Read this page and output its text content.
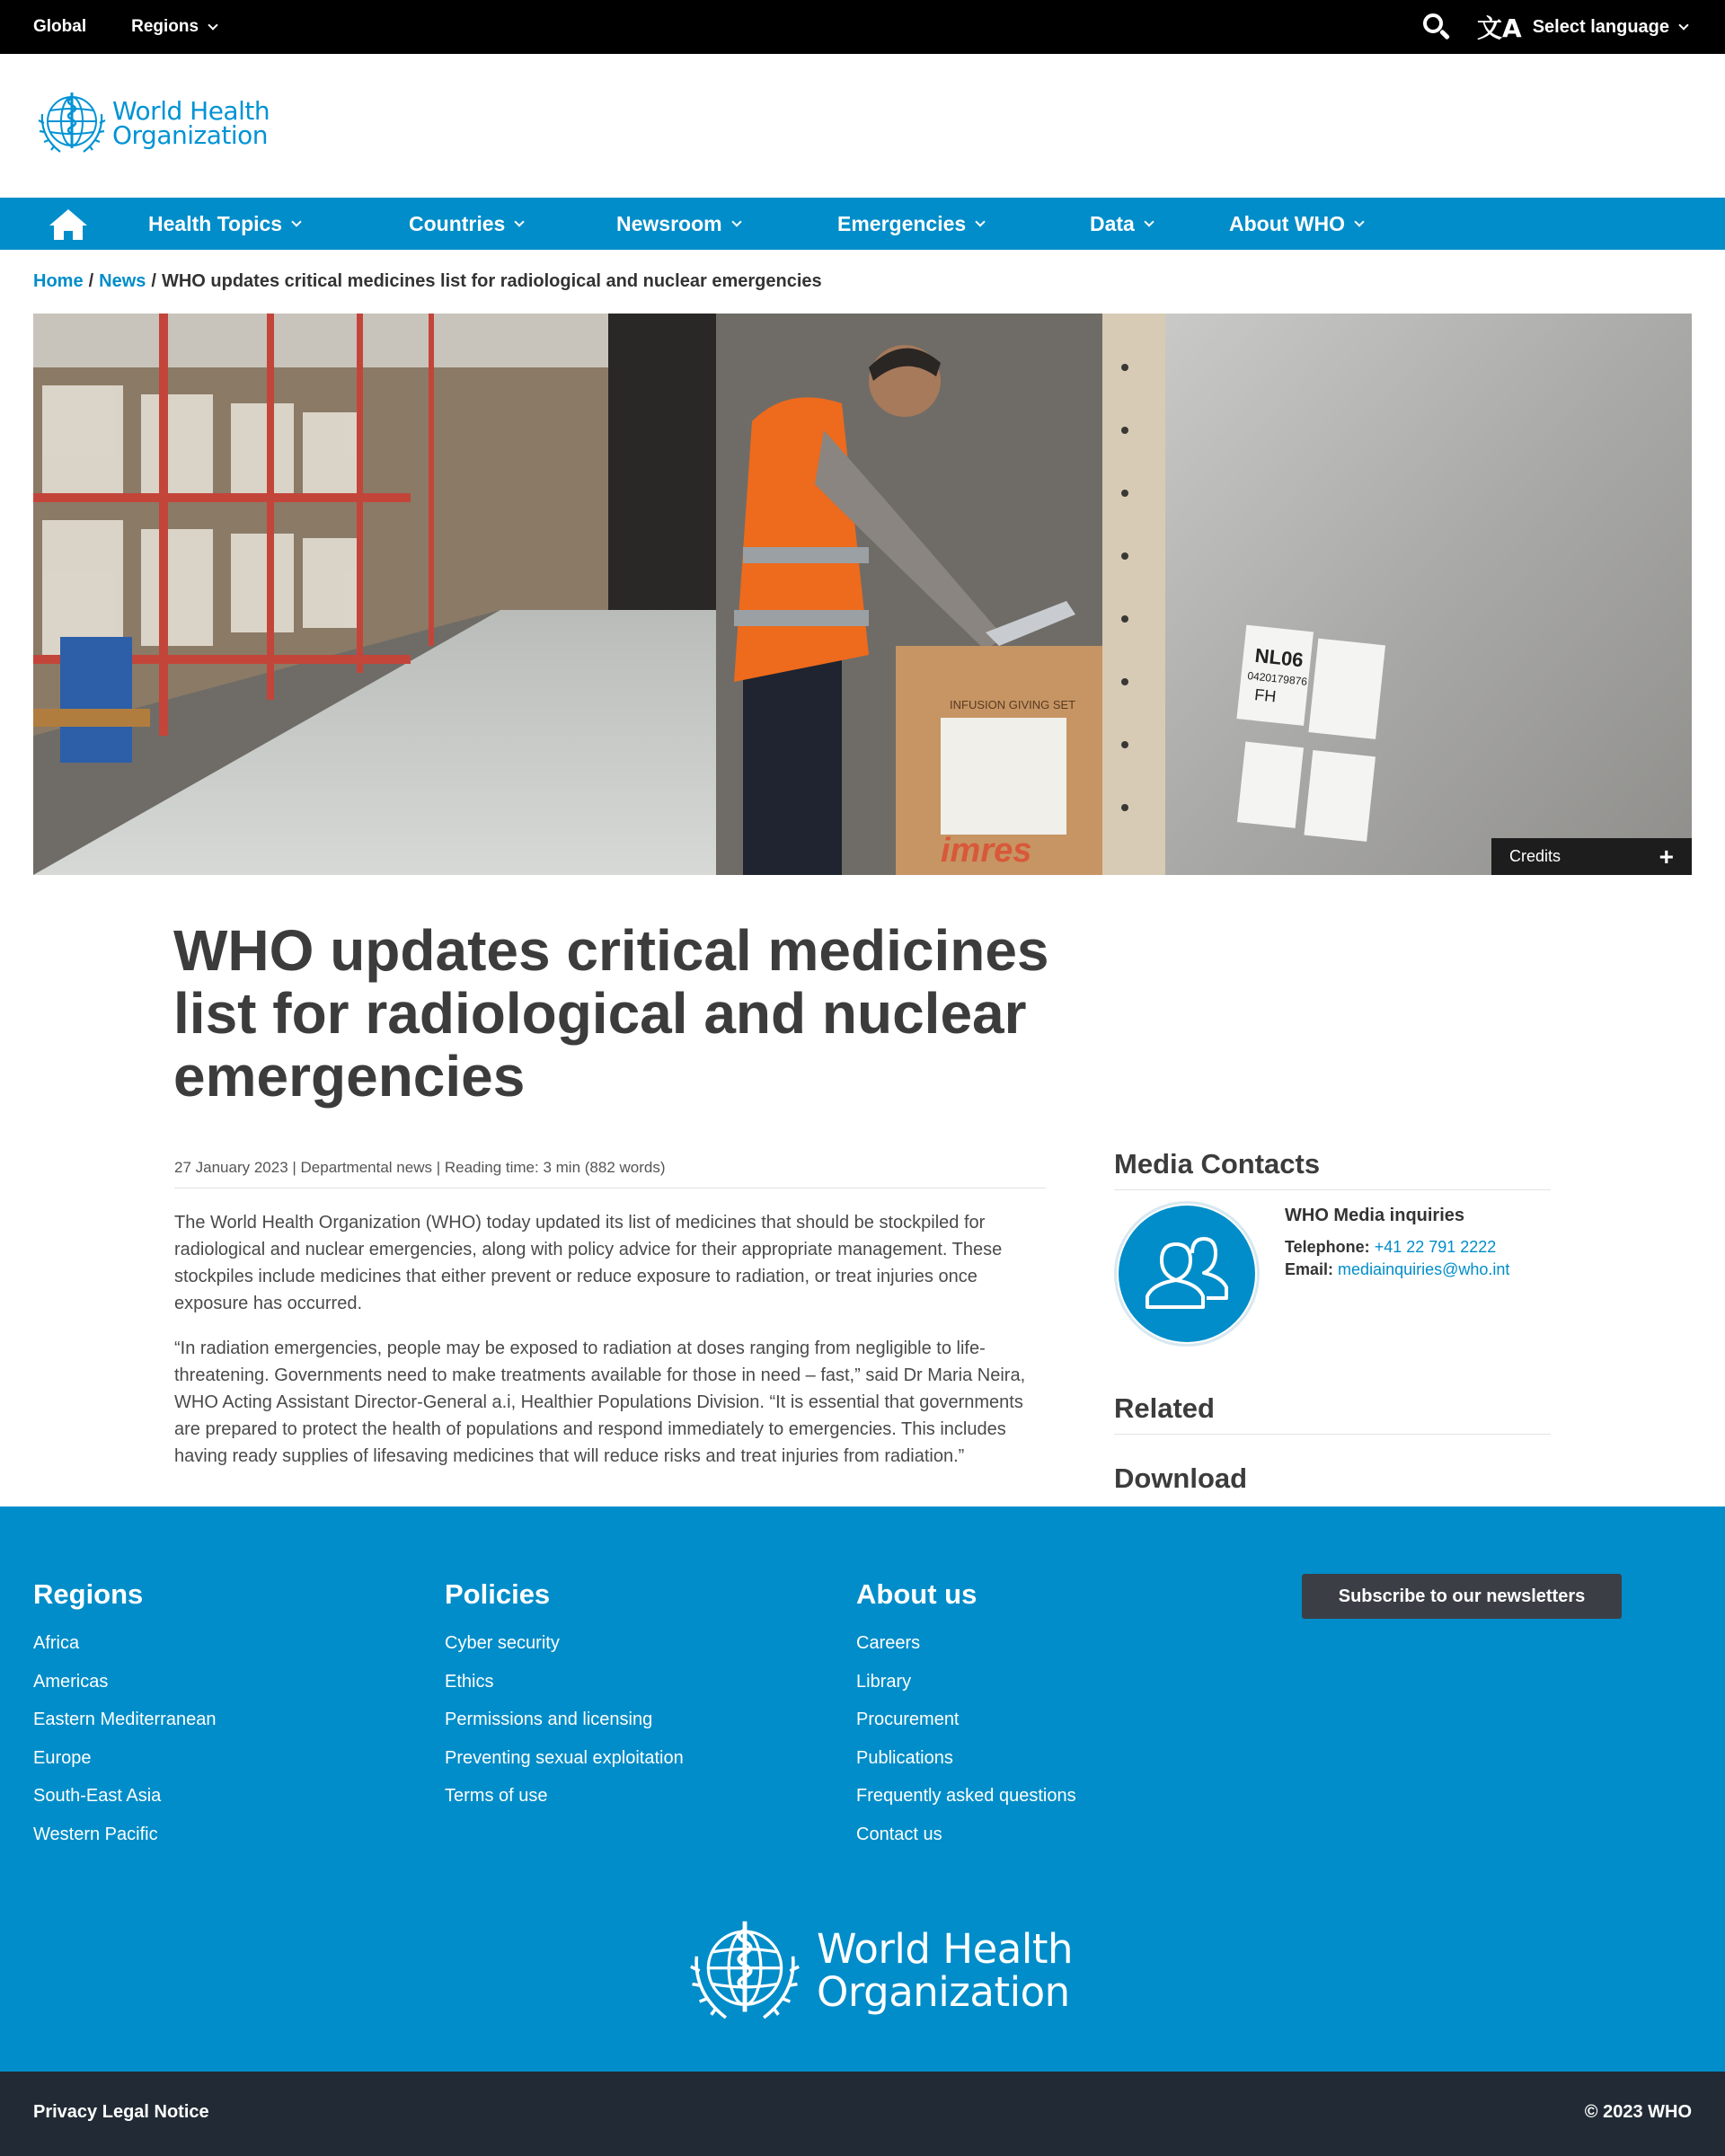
Global	Regions	文A Select language
World Health
Organization
Health Topics	Countries	Newsroom	Emergencies	Data	About WHO
Home / News / WHO updates critical medicines list for radiological and nuclear emergencies
INFUSION GIVING SET
imres
NL06
0420179876
FH
Credits	+
WHO updates critical medicines list for radiological and nuclear emergencies
27 January 2023 | Departmental news | Reading time: 3 min (882 words)

The World Health Organization (WHO) today updated its list of medicines that should be stockpiled for radiological and nuclear emergencies, along with policy advice for their appropriate management. These stockpiles include medicines that either prevent or reduce exposure to radiation, or treat injuries once exposure has occurred.

“In radiation emergencies, people may be exposed to radiation at doses ranging from negligible to life-threatening. Governments need to make treatments available for those in need – fast,” said Dr Maria Neira, WHO Acting Assistant Director-General a.i, Healthier Populations Division. “It is essential that governments are prepared to protect the health of populations and respond immediately to emergencies. This includes having ready supplies of lifesaving medicines that will reduce risks and treat injuries from radiation.”

Media Contacts
WHO Media inquiries
Telephone: +41 22 791 2222
Email: mediainquiries@who.int
Related
Download
Regions
Africa
Americas
Eastern Mediterranean
Europe
South-East Asia
Western Pacific
Policies
Cyber security
Ethics
Permissions and licensing
Preventing sexual exploitation
Terms of use
About us
Careers
Library
Procurement
Publications
Frequently asked questions
Contact us
Subscribe to our newsletters
World Health
Organization
Privacy Legal Notice	© 2023 WHO
